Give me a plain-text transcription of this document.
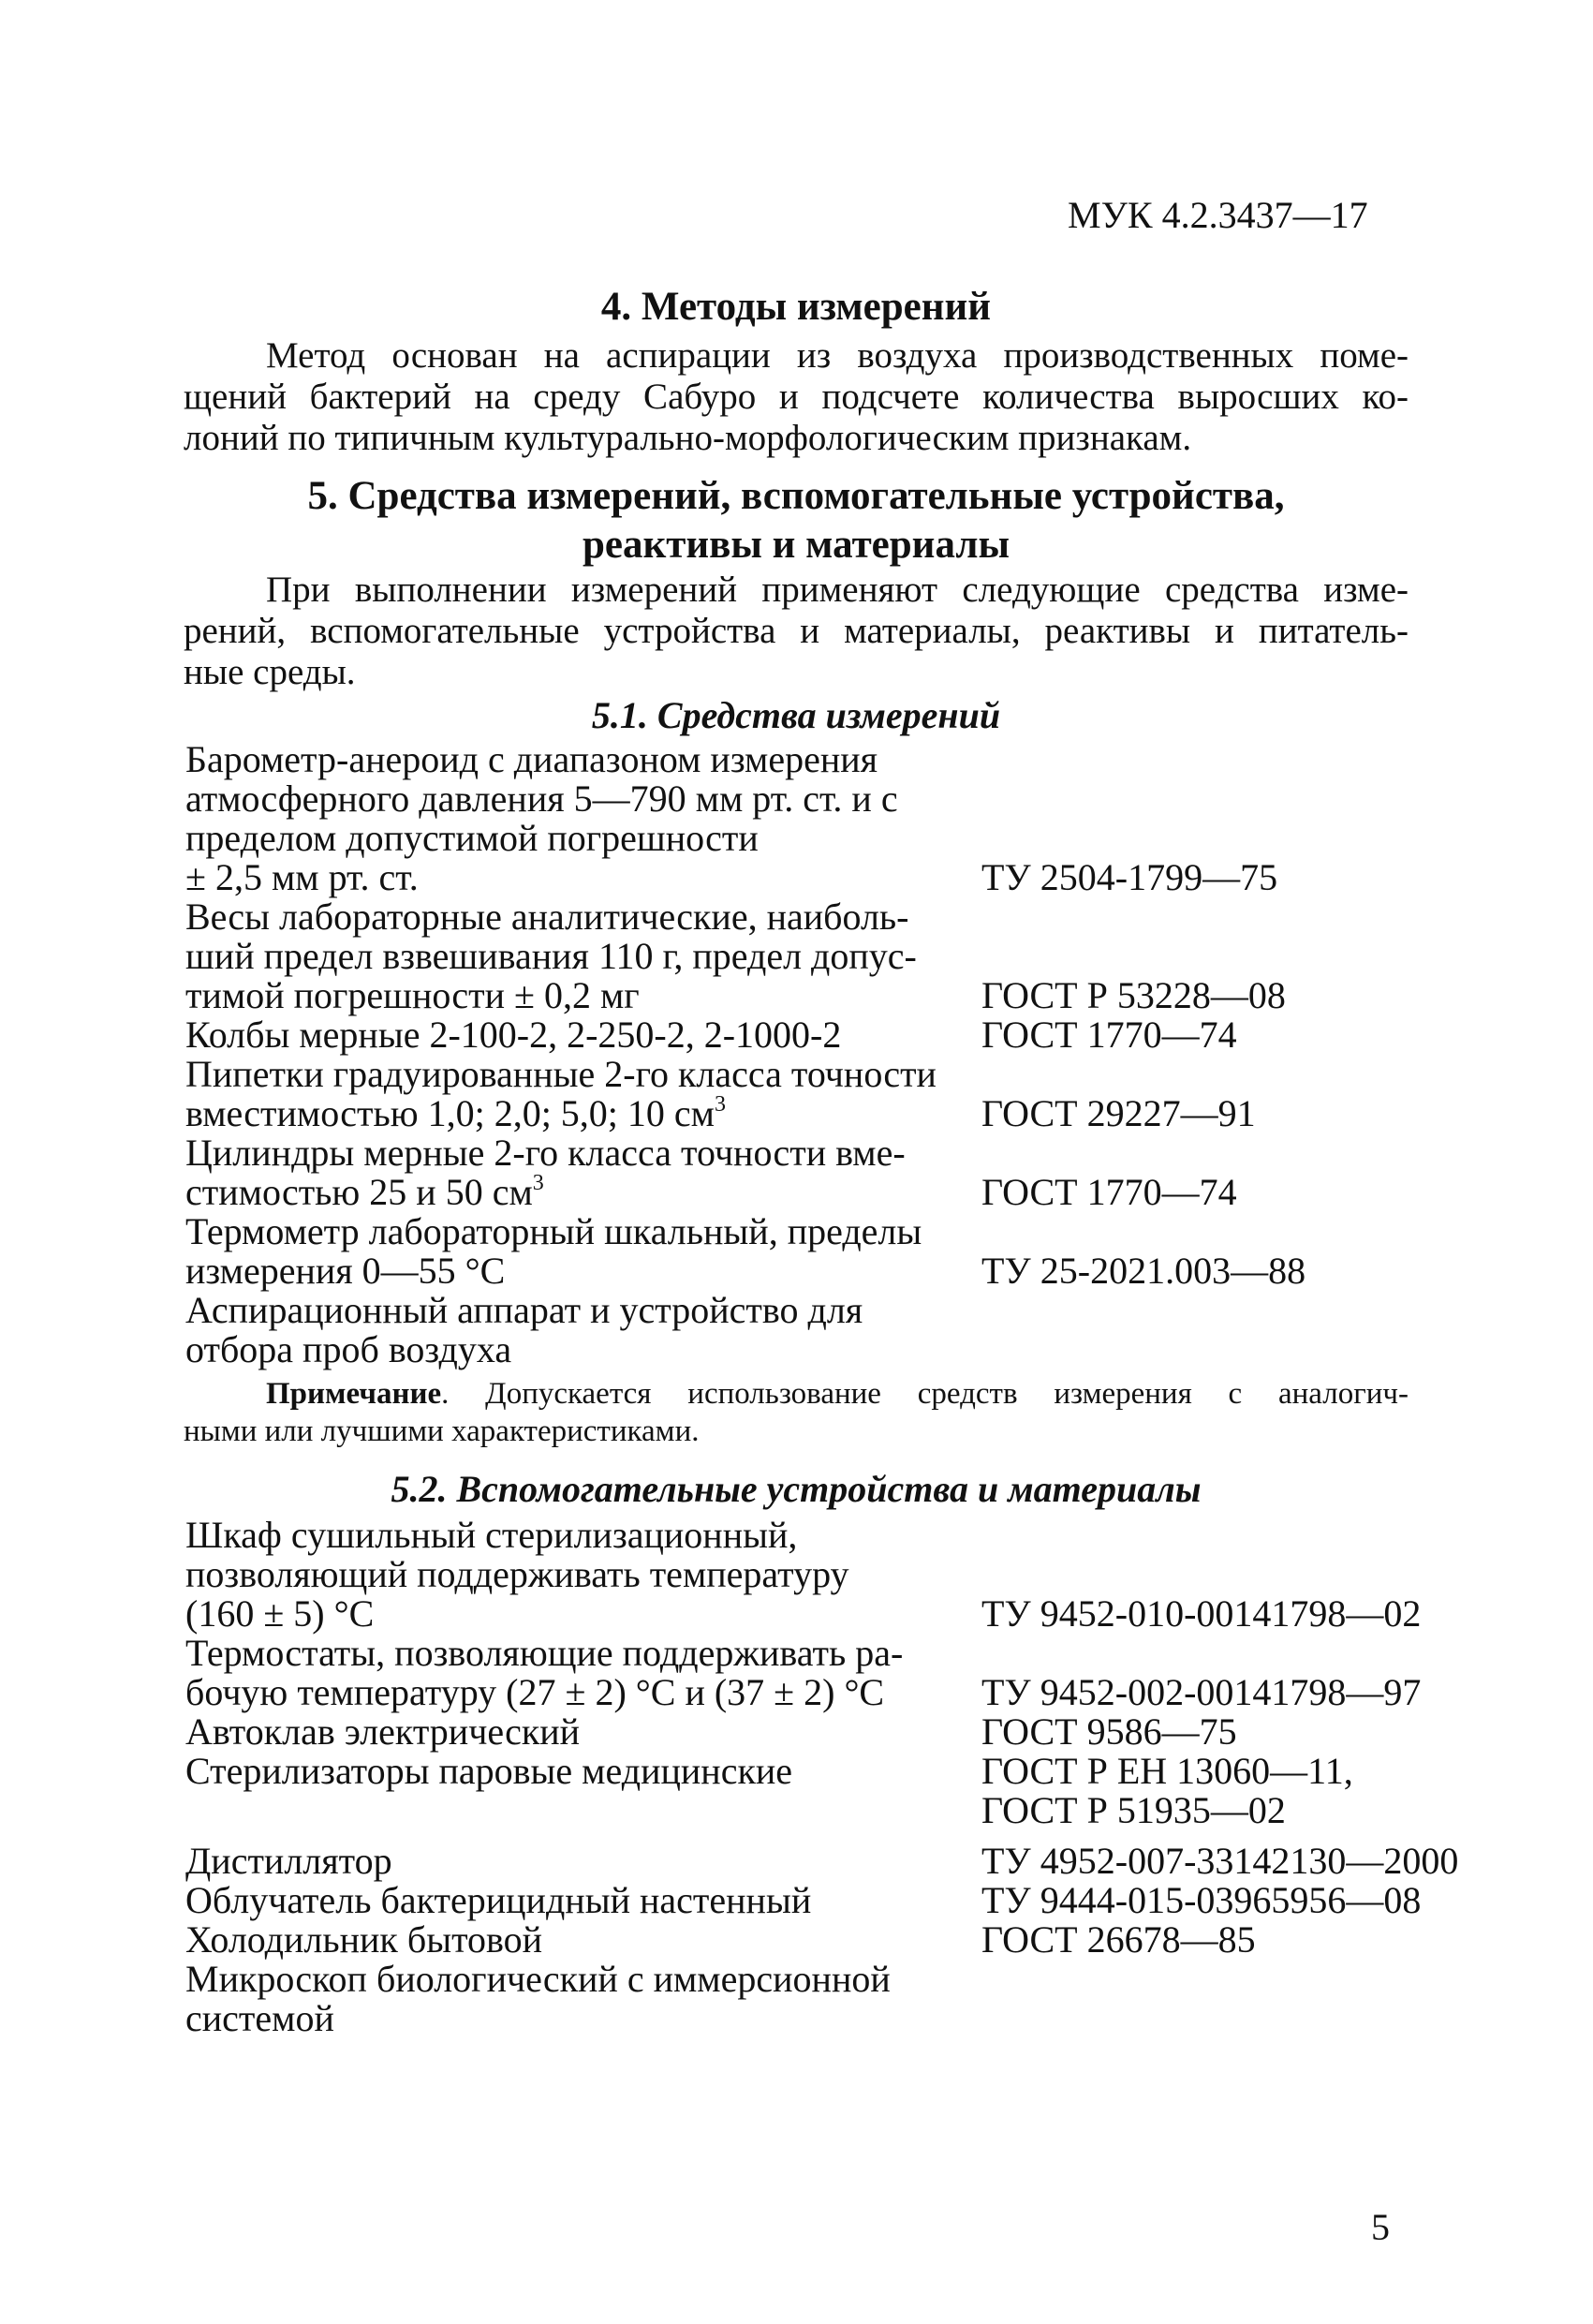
МУК 4.2.3437—17
4. Методы измерений

Метод основан на аспирации из воздуха производственных поме-
щений бактерий на среду Сабуро и подсчете количества выросших ко-
лоний по типичным культурально-морфологическим признакам.

5. Средства измерений, вспомогательные устройства,
реактивы и материалы

При выполнении измерений применяют следующие средства изме-
рений, вспомогательные устройства и материалы, реактивы и питатель-
ные среды.

5.1. Средства измерений
Барометр-анероид с диапазоном измерения
атмосферного давления 5—790 мм рт. ст. и с
пределом допустимой погрешности
± 2,5 мм рт. ст.	ТУ 2504-1799—75
Весы лабораторные аналитические, наиболь-
ший предел взвешивания 110 г, предел допус-
тимой погрешности ± 0,2 мг	ГОСТ Р 53228—08
Колбы мерные 2-100-2, 2-250-2, 2-1000-2	ГОСТ 1770—74
Пипетки градуированные 2-го класса точности
вместимостью 1,0; 2,0; 5,0; 10 $см^3$	ГОСТ 29227—91
Цилиндры мерные 2-го класса точности вме-
стимостью 25 и 50 $см^3$	ГОСТ 1770—74
Термометр лабораторный шкальный, пределы
измерения 0—55 °С	ТУ 25-2021.003—88
Аспирационный аппарат и устройство для
отбора проб воздуха

Примечание. Допускается использование средств измерения с аналогич-
ными или лучшими характеристиками.

5.2. Вспомогательные устройства и материалы
Шкаф сушильный стерилизационный,
позволяющий поддерживать температуру
(160 ± 5) °С	ТУ 9452-010-00141798—02
Термостаты, позволяющие поддерживать ра-
бочую температуру (27 ± 2) °С и (37 ± 2) °С	ТУ 9452-002-00141798—97
Автоклав электрический	ГОСТ 9586—75
Стерилизаторы паровые медицинские	ГОСТ Р ЕН 13060—11,
ГОСТ Р 51935—02
Дистиллятор	ТУ 4952-007-33142130—2000
Облучатель бактерицидный настенный	ТУ 9444-015-03965956—08
Холодильник бытовой	ГОСТ 26678—85
Микроскоп биологический с иммерсионной
системой
5
